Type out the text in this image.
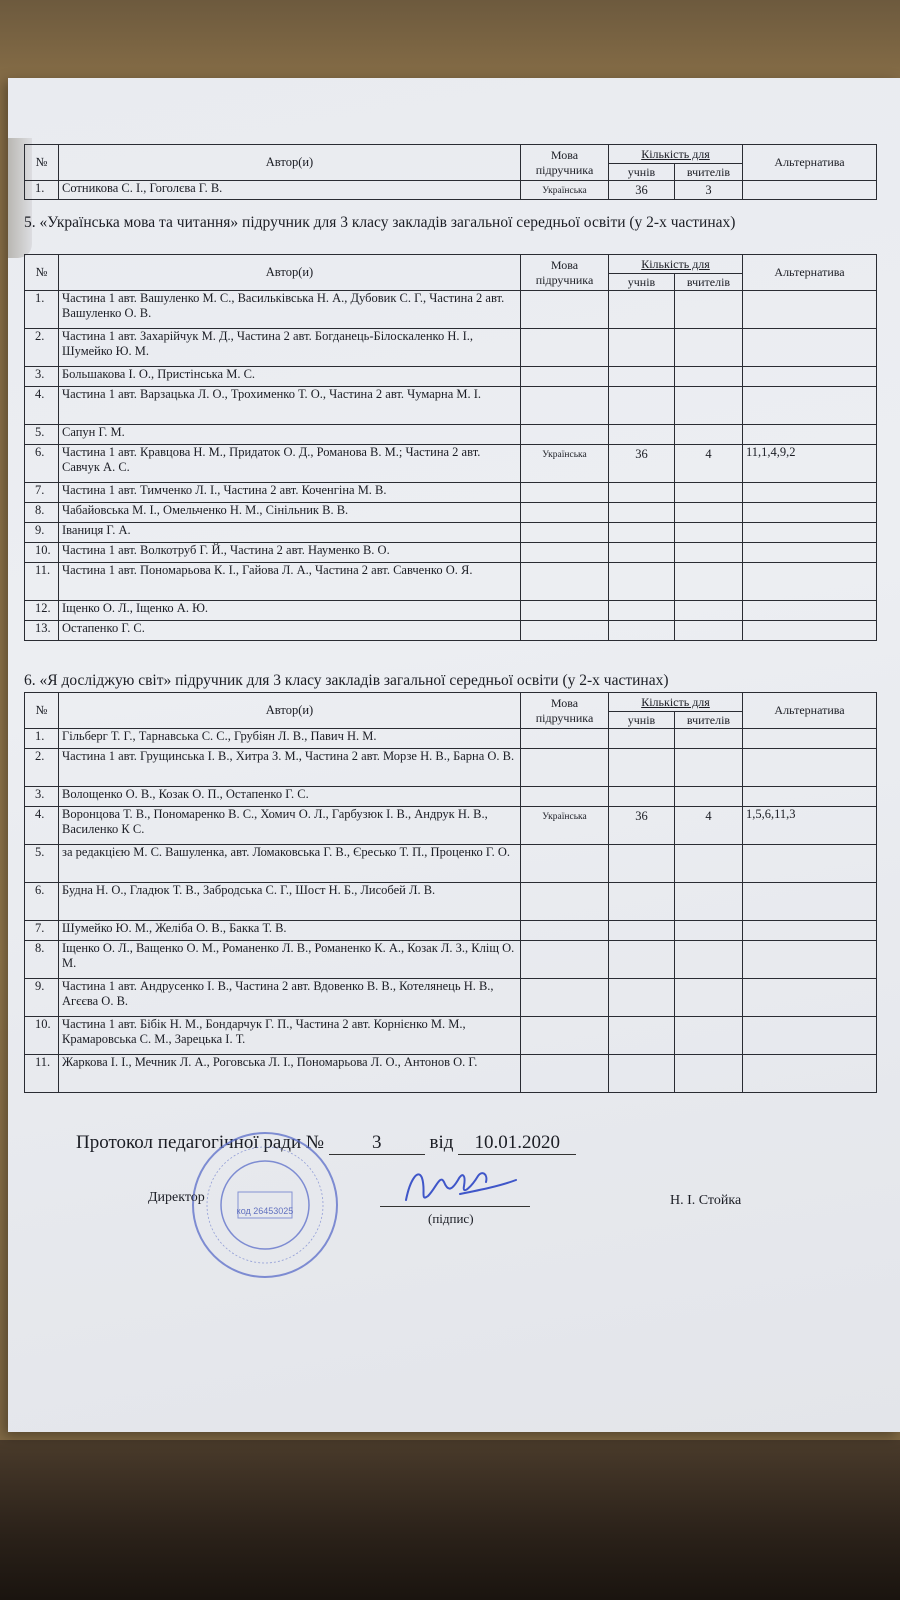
№	Автор(и)	Мова підручника	Кількість для		Альтернатива
			учнів	вчителів	
1.	Сотникова С. І., Гоголєва Г. В.	Українська	36	3	
5. «Українська мова та читання» підручник для 3 класу закладів загальної середньої освіти (у 2-х частинах)
№	Автор(и)	Мова підручника	Кількість для		Альтернатива
			учнів	вчителів	
1.	Частина 1 авт. Вашуленко М. С., Васильківська Н. А., Дубовик С. Г., Частина 2 авт. Вашуленко О. В.				
2.	Частина 1 авт. Захарійчук М. Д., Частина 2 авт. Богданець-Білоскаленко Н. І., Шумейко Ю. М.				
3.	Большакова І. О., Пристінська М. С.				
4.	Частина 1 авт. Варзацька Л. О., Трохименко Т. О., Частина 2 авт. Чумарна М. І.				
5.	Сапун Г. М.				
6.	Частина 1 авт. Кравцова Н. М., Придаток О. Д., Романова В. М.; Частина 2 авт. Савчук А. С.	Українська	36	4	11,1,4,9,2
7.	Частина 1 авт. Тимченко Л. І., Частина 2 авт. Коченгіна М. В.				
8.	Чабайовська М. І., Омельченко Н. М., Сінільник В. В.				
9.	Іваниця Г. А.				
10.	Частина 1 авт. Волкотруб Г. Й., Частина 2 авт. Науменко В. О.				
11.	Частина 1 авт. Пономарьова К. І., Гайова Л. А., Частина 2 авт. Савченко О. Я.				
12.	Іщенко О. Л., Іщенко А. Ю.				
13.	Остапенко Г. С.				
6. «Я досліджую світ» підручник для 3 класу закладів загальної середньої освіти (у 2-х частинах)
№	Автор(и)	Мова підручника	Кількість для		Альтернатива
			учнів	вчителів	
1.	Гільберг Т. Г., Тарнавська С. С., Грубіян Л. В., Павич Н. М.				
2.	Частина 1 авт. Грущинська І. В., Хитра З. М., Частина 2 авт. Морзе Н. В., Барна О. В.				
3.	Волощенко О. В., Козак О. П., Остапенко Г. С.				
4.	Воронцова Т. В., Пономаренко В. С., Хомич О. Л., Гарбузюк І. В., Андрук Н. В., Василенко К С.	Українська	36	4	1,5,6,11,3
5.	за редакцією М. С. Вашуленка, авт. Ломаковська Г. В., Єресько Т. П., Проценко Г. О.				
6.	Будна Н. О., Гладюк Т. В., Забродська С. Г., Шост Н. Б., Лисобей Л. В.				
7.	Шумейко Ю. М., Желіба О. В., Бакка Т. В.				
8.	Іщенко О. Л., Ващенко О. М., Романенко Л. В., Романенко К. А., Козак Л. З., Кліщ О. М.				
9.	Частина 1 авт. Андрусенко І. В., Частина 2 авт. Вдовенко В. В., Котелянець Н. В., Агєєва О. В.				
10.	Частина 1 авт. Бібік Н. М., Бондарчук Г. П., Частина 2 авт. Корнієнко М. М., Крамаровська С. М., Зарецька І. Т.				
11.	Жаркова І. І., Мечник Л. А., Роговська Л. І., Пономарьова Л. О., Антонов О. Г.				
Протокол педагогічної ради №	3	від 10.01.2020
код 26453025
Директор
(підпис)
Н. І. Стойка
